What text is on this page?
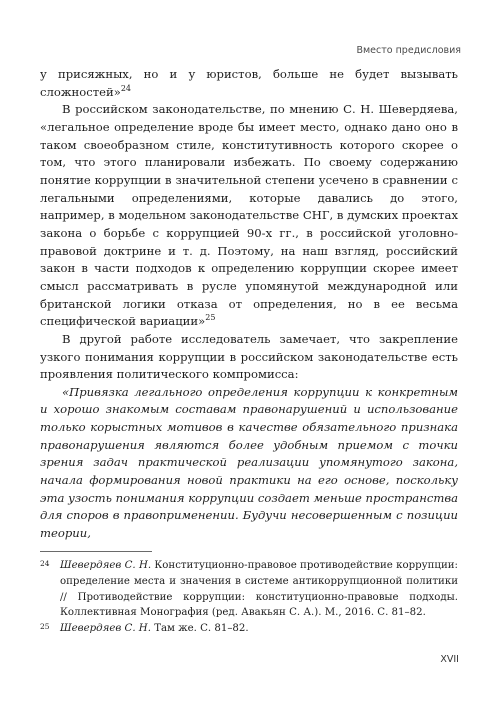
Вместо предисловия

у присяжных, но и у юристов, больше не будет вызывать сложностей»$^{24}$

В российском законодательстве, по мнению С. Н. Шевердяева, «легальное определение вроде бы имеет место, однако дано оно в таком своеобразном стиле, конститутивность которого скорее о том, что этого планировали избежать. По своему содержанию понятие коррупции в значительной степени усечено в сравнении с легальными определениями, которые давались до этого, например, в модельном законодательстве СНГ, в думских проектах закона о борьбе с коррупцией 90-х гг., в российской уголовно-правовой доктрине и т. д. Поэтому, на наш взгляд, российский закон в части подходов к определению коррупции скорее имеет смысл рассматривать в русле упомянутой международной или британской логики отказа от определения, но в ее весьма специфической вариации»$^{25}$

В другой работе исследователь замечает, что закрепление узкого понимания коррупции в российском законодательстве есть проявления политического компромисса:

«Привязка легального определения коррупции к конкретным и хорошо знакомым составам правонарушений и использование только корыстных мотивов в качестве обязательного признака правонарушения являются более удобным приемом с точки зрения задач практической реализации упомянутого закона, начала формирования новой практики на его основе, поскольку эта узость понимания коррупции создает меньше пространства для споров в правоприменении. Будучи несовершенным с позиции теории,

24 Шевердяев С. Н. Конституционно-правовое противодействие коррупции: определение места и значения в системе антикоррупционной политики // Противодействие коррупции: конституционно-правовые подходы. Коллективная Монография (ред. Авакьян С. А.). М., 2016. С. 81–82.
25 Шевердяев С. Н. Там же. С. 81–82.
XVII
